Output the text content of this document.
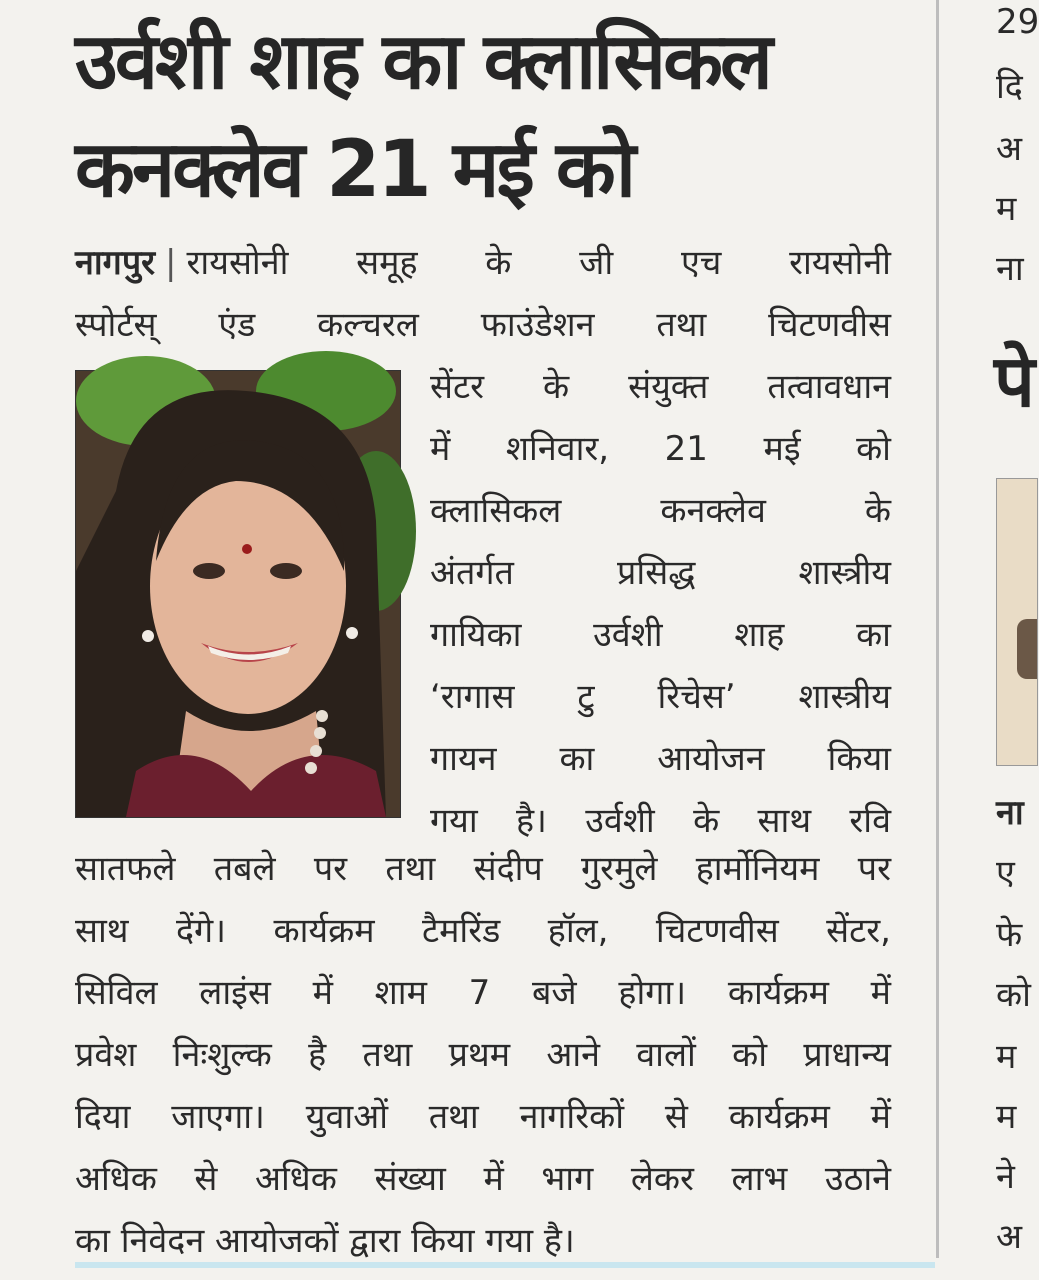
उर्वशी शाह का क्लासिकल
कनक्लेव 21 मई को

नागपुर | रायसोनी समूह के जी एच रायसोनी
स्पोर्टस् एंड कल्चरल फाउंडेशन तथा चिटणवीस

सेंटर के संयुक्त तत्वावधान
में शनिवार, 21 मई को
क्लासिकल कनक्लेव के
अंतर्गत प्रसिद्ध शास्त्रीय
गायिका उर्वशी शाह का
‘रागास टु रिचेस’ शास्त्रीय
गायन का आयोजन किया
गया है। उर्वशी के साथ रवि

सातफले तबले पर तथा संदीप गुरमुले हार्मोनियम पर
साथ देंगे। कार्यक्रम टैमरिंड हॉल, चिटणवीस सेंटर,
सिविल लाइंस में शाम 7 बजे होगा। कार्यक्रम में
प्रवेश निःशुल्क है तथा प्रथम आने वालों को प्राधान्य
दिया जाएगा। युवाओं तथा नागरिकों से कार्यक्रम में
अधिक से अधिक संख्या में भाग लेकर लाभ उठाने

का निवेदन आयोजकों द्वारा किया गया है।

29
दि
अ
म
ना
पे
ना
ए
फे
को
म
म
ने
अ
